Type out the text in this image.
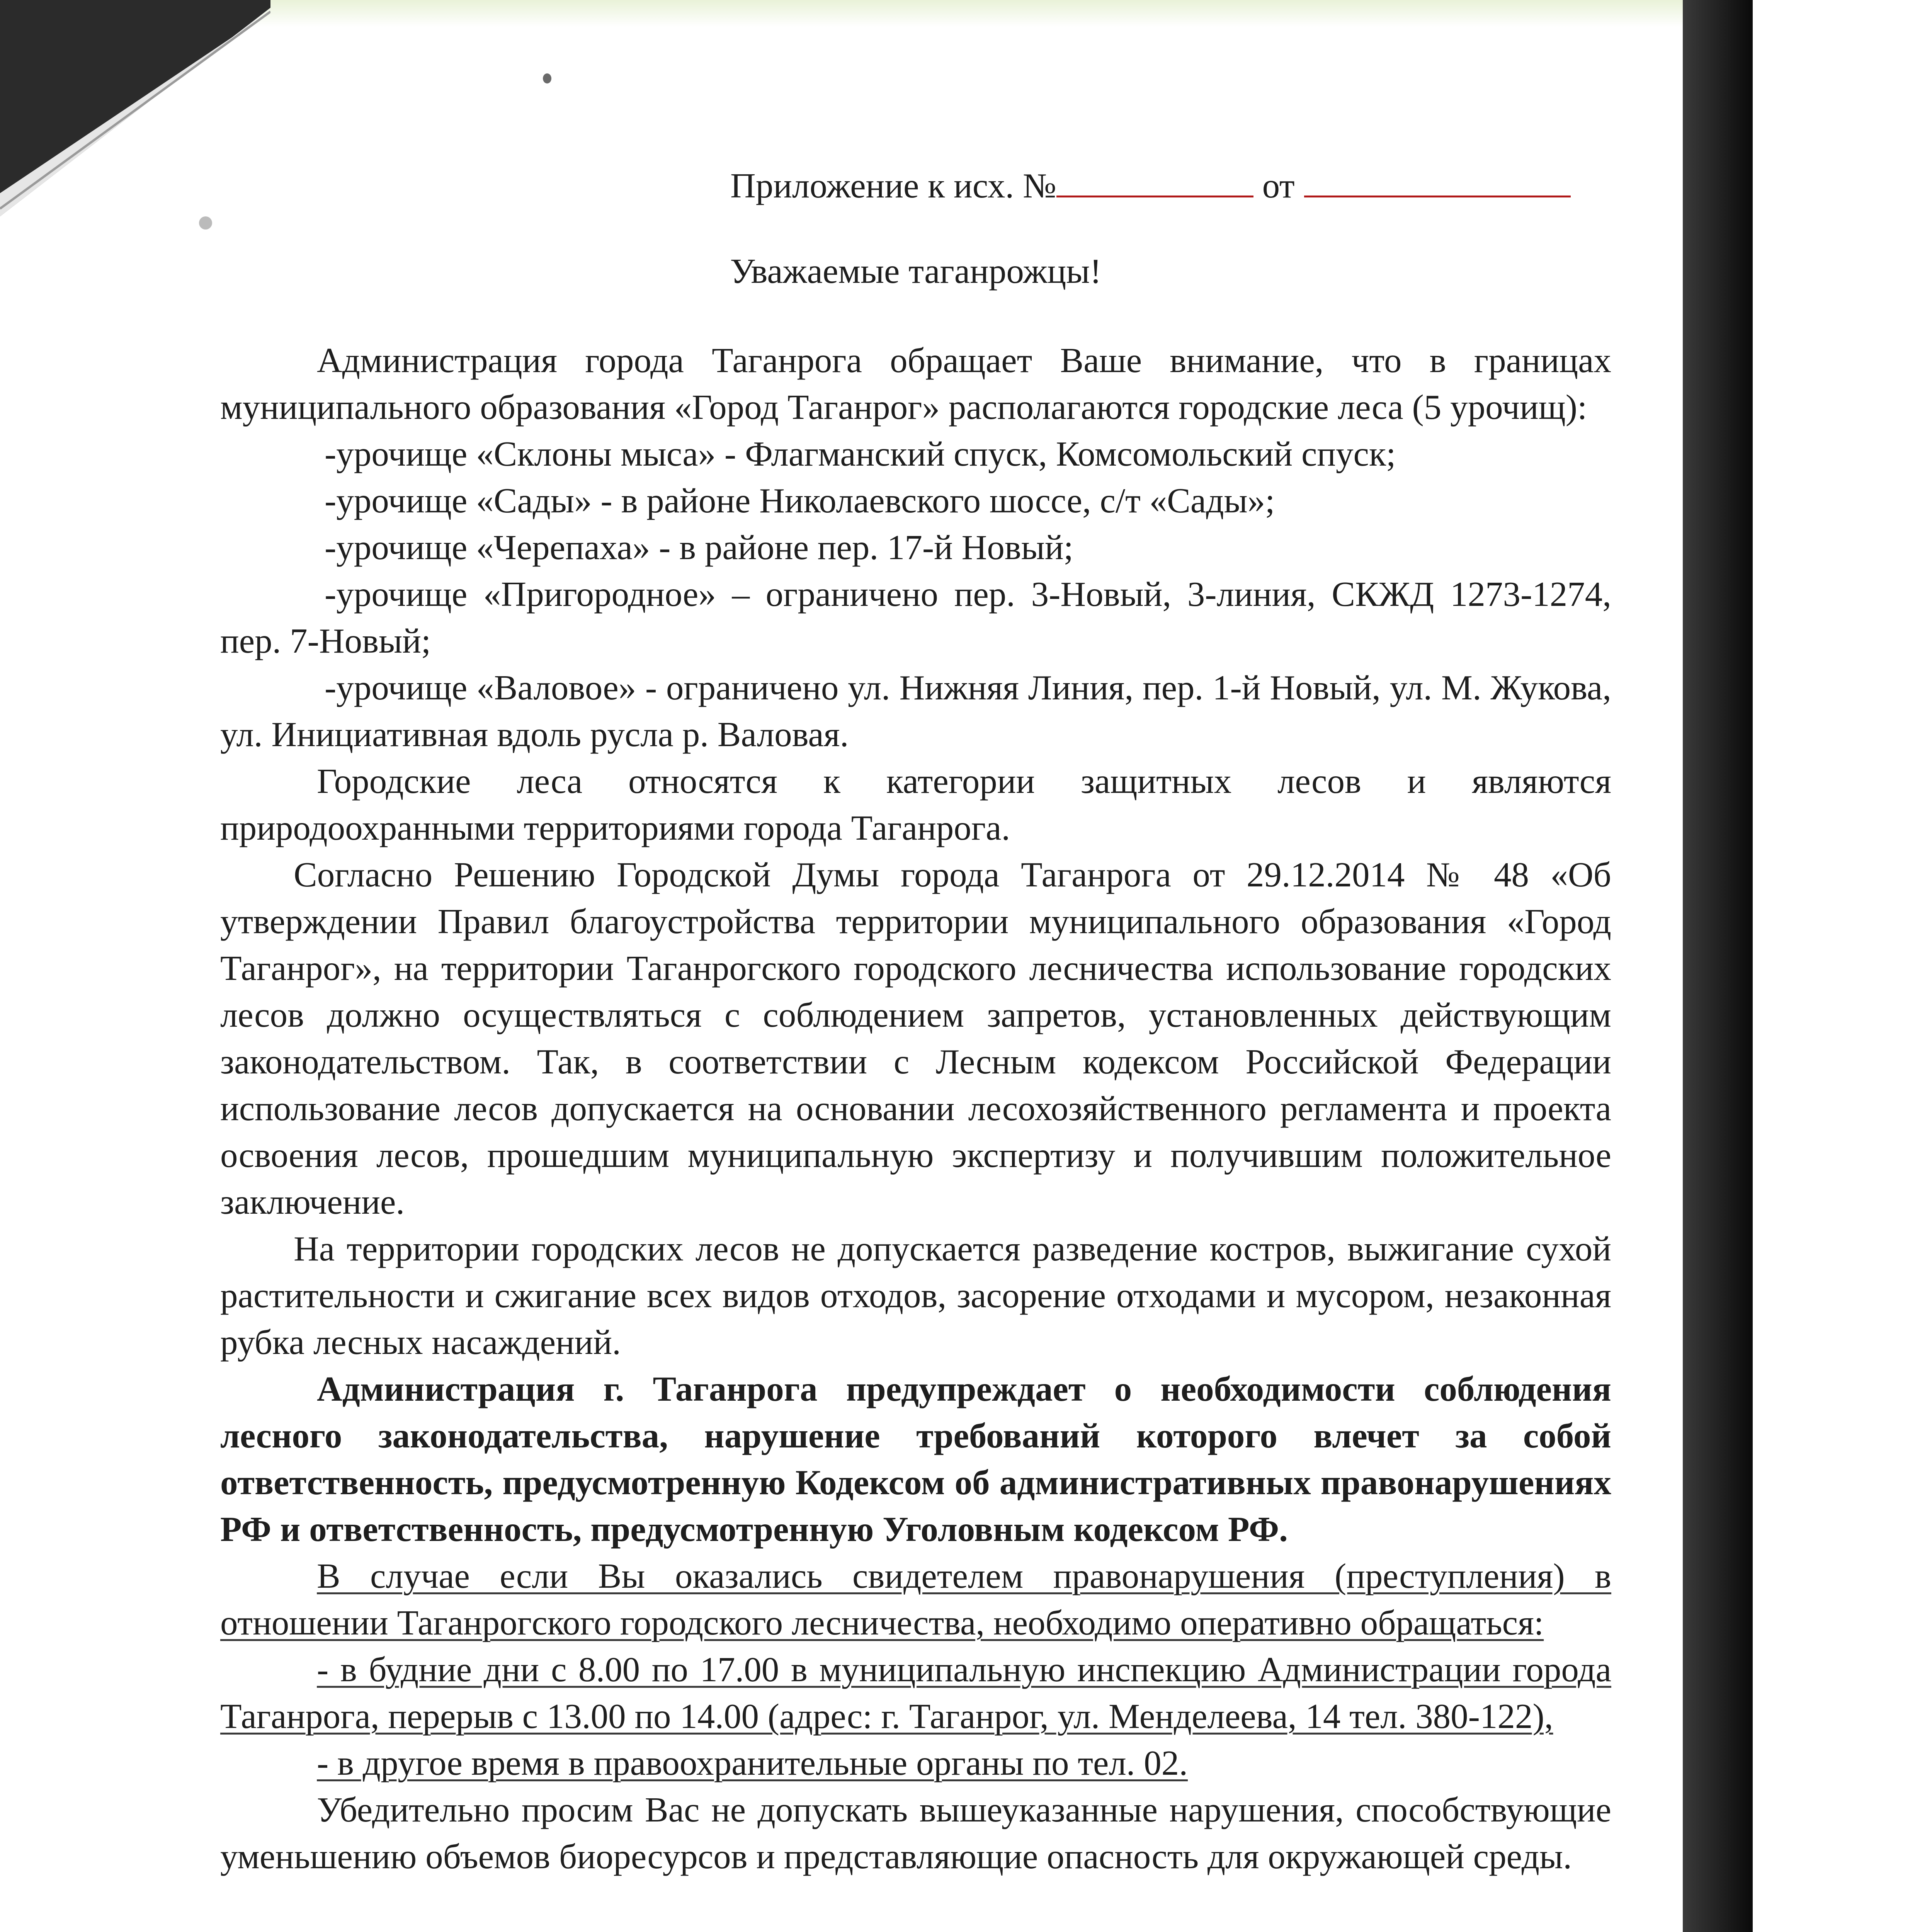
Приложение к исх. №	от
Уважаемые таганрожцы!

Администрация города Таганрога обращает Ваше внимание, что в границах муниципального образования «Город Таганрог» располагаются городские леса (5 урочищ):

-урочище «Склоны мыса» - Флагманский спуск, Комсомольский спуск;

-урочище «Сады» - в районе Николаевского шоссе, с/т «Сады»;

-урочище «Черепаха» - в районе пер. 17-й Новый;

-урочище «Пригородное» – ограничено пер. 3-Новый, 3-линия, СКЖД 1273-1274, пер. 7-Новый;

-урочище «Валовое» - ограничено ул. Нижняя Линия, пер. 1-й Новый, ул. М. Жукова, ул. Инициативная вдоль русла р. Валовая.

Городские леса относятся к категории защитных лесов и являются природоохранными территориями города Таганрога.

Согласно Решению Городской Думы города Таганрога от 29.12.2014 № 48 «Об утверждении Правил благоустройства территории муниципального образования «Город Таганрог», на территории Таганрогского городского лесничества использование городских лесов должно осуществляться с соблюдением запретов, установленных действующим законодательством. Так, в соответствии с Лесным кодексом Российской Федерации использование лесов допускается на основании лесохозяйственного регламента и проекта освоения лесов, прошедшим муниципальную экспертизу и получившим положительное заключение.

На территории городских лесов не допускается разведение костров, выжигание сухой растительности и сжигание всех видов отходов, засорение отходами и мусором, незаконная рубка лесных насаждений.

Администрация г. Таганрога предупреждает о необходимости соблюдения лесного законодательства, нарушение требований которого влечет за собой ответственность, предусмотренную Кодексом об административных правонарушениях РФ и ответственность, предусмотренную Уголовным кодексом РФ.

В случае если Вы оказались свидетелем правонарушения (преступления) в отношении Таганрогского городского лесничества, необходимо оперативно обращаться:

- в будние дни с 8.00 по 17.00 в муниципальную инспекцию Администрации города Таганрога, перерыв с 13.00 по 14.00 (адрес: г. Таганрог, ул. Менделеева, 14 тел. 380-122),

- в другое время в правоохранительные органы по тел. 02.

Убедительно просим Вас не допускать вышеуказанные нарушения, способствующие уменьшению объемов биоресурсов и представляющие опасность для окружающей среды.
